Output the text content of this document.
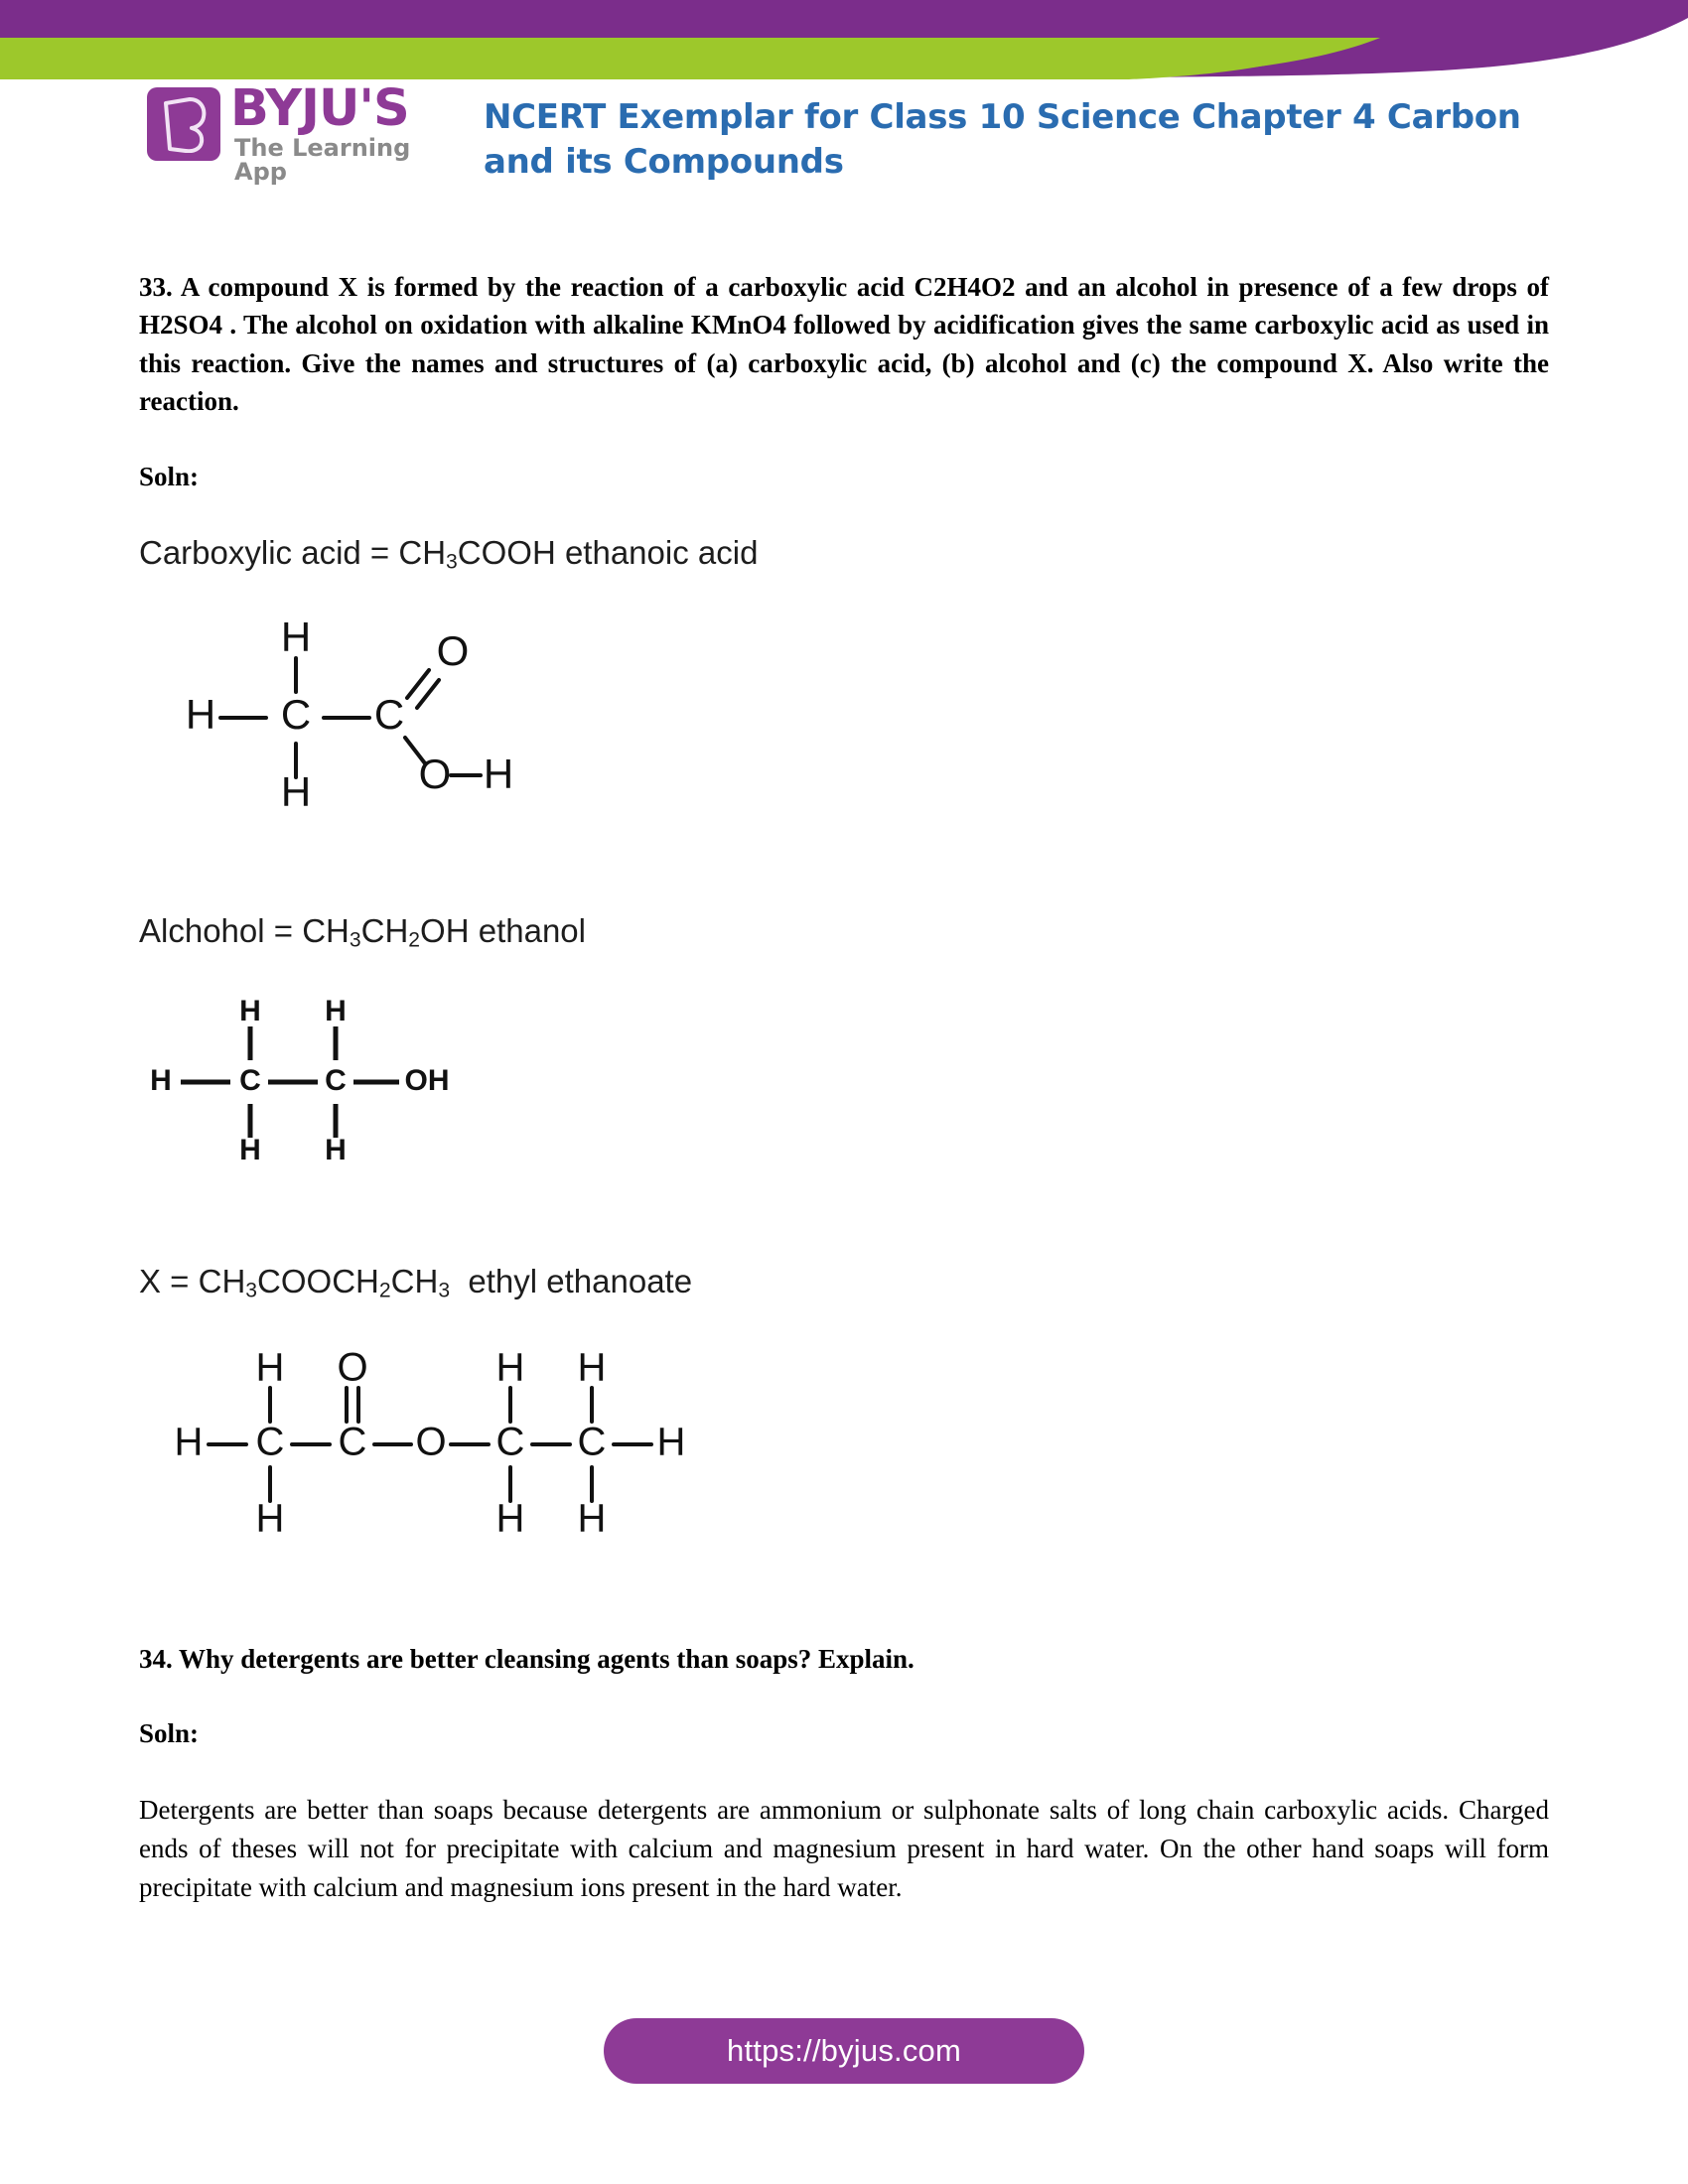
BYJU'S
The Learning App
NCERT Exemplar for Class 10 Science Chapter 4 Carbon and its Compounds

33. A compound X is formed by the reaction of a carboxylic acid C2H4O2 and an alcohol in presence of a few drops of H2SO4 . The alcohol on oxidation with alkaline KMnO4 followed by acidification gives the same carboxylic acid as used in this reaction. Give the names and structures of (a) carboxylic acid, (b) alcohol and (c) the compound X. Also write the reaction.

Soln:

Carboxylic acid = $CH_3COOH$ ethanoic acid

H
H
C
H
C
O
O H

Alchohol = $CH_3CH_2OH$ ethanol

H
H
C
H
H
C
H
OH

$X = CH_3COOCH_2CH_3$  ethyl ethanoate

H
H
C
H
O
C O
H
C
H
H
C
H
H

34. Why detergents are better cleansing agents than soaps? Explain.

Soln:

Detergents are better than soaps because detergents are ammonium or sulphonate salts of long chain carboxylic acids. Charged ends of theses will not for precipitate with calcium and magnesium present in hard water. On the other hand soaps will form precipitate with calcium and magnesium ions present in the hard water.

https://byjus.com
